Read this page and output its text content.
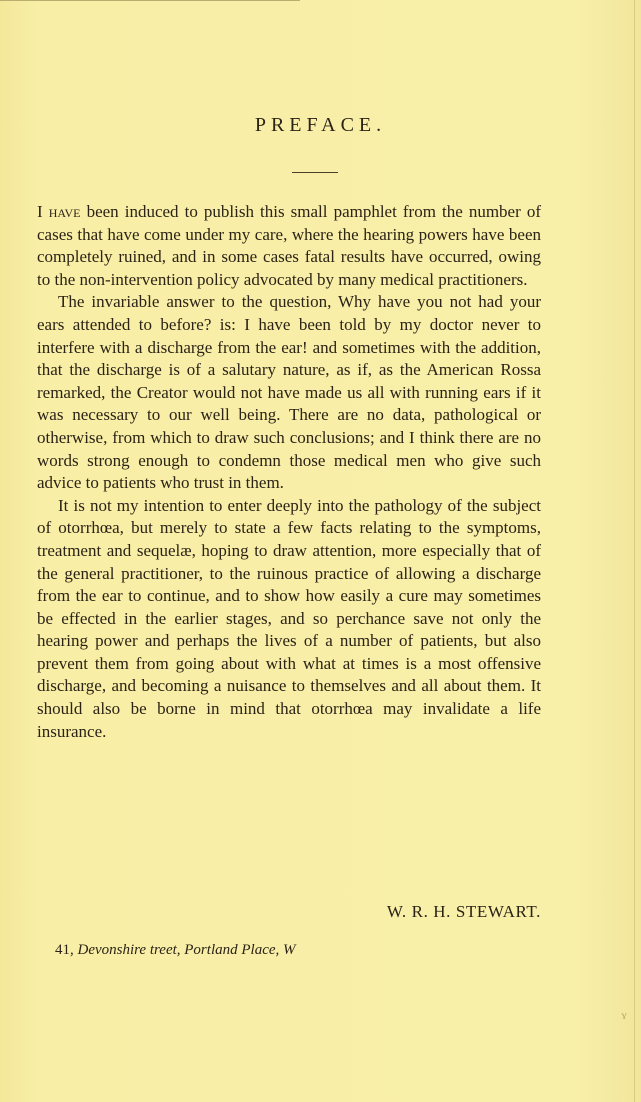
PREFACE.

I have been induced to publish this small pamphlet from the number of cases that have come under my care, where the hearing powers have been completely ruined, and in some cases fatal results have occurred, owing to the non-intervention policy advocated by many medical practitioners.

The invariable answer to the question, Why have you not had your ears attended to before? is: I have been told by my doctor never to interfere with a discharge from the ear! and sometimes with the addition, that the discharge is of a salutary nature, as if, as the American Rossa remarked, the Creator would not have made us all with running ears if it was necessary to our well being. There are no data, pathological or otherwise, from which to draw such conclusions; and I think there are no words strong enough to condemn those medical men who give such advice to patients who trust in them.

It is not my intention to enter deeply into the pathology of the subject of otorrhœa, but merely to state a few facts relating to the symptoms, treatment and sequelæ, hoping to draw attention, more especially that of the general practitioner, to the ruinous practice of allowing a discharge from the ear to continue, and to show how easily a cure may sometimes be effected in the earlier stages, and so perchance save not only the hearing power and perhaps the lives of a number of patients, but also prevent them from going about with what at times is a most offensive discharge, and becoming a nuisance to themselves and all about them. It should also be borne in mind that otorrhœa may invalidate a life insurance.

W. R. H. STEWART.
41, Devonshire treet, Portland Place, W
ʏ
